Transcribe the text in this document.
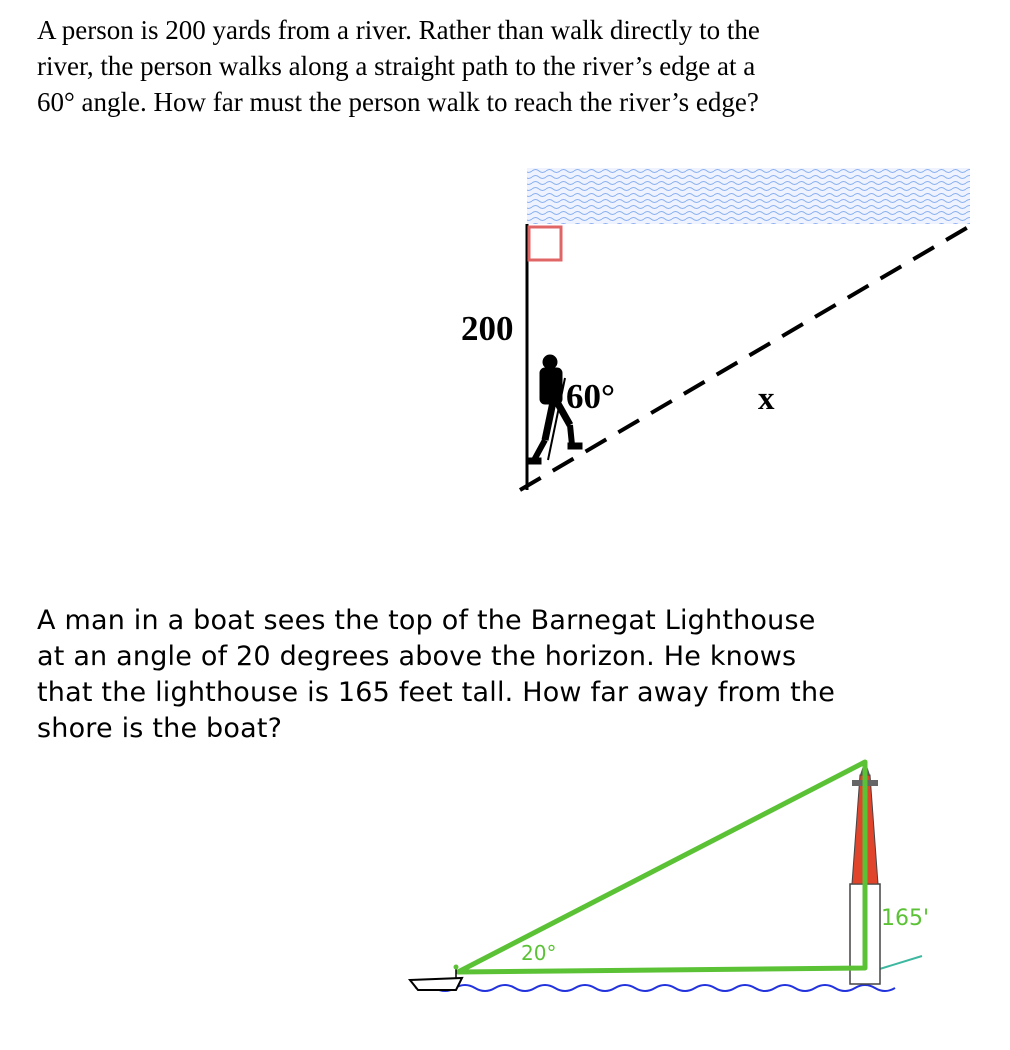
A person is 200 yards from a river. Rather than walk directly to the river, the person walks along a straight path to the river’s edge at a 60° angle. How far must the person walk to reach the river’s edge?

200
60°	x

A man in a boat sees the top of the Barnegat Lighthouse at an angle of 20 degrees above the horizon. He knows that the lighthouse is 165 feet tall. How far away from the shore is the boat?

20°
165'
